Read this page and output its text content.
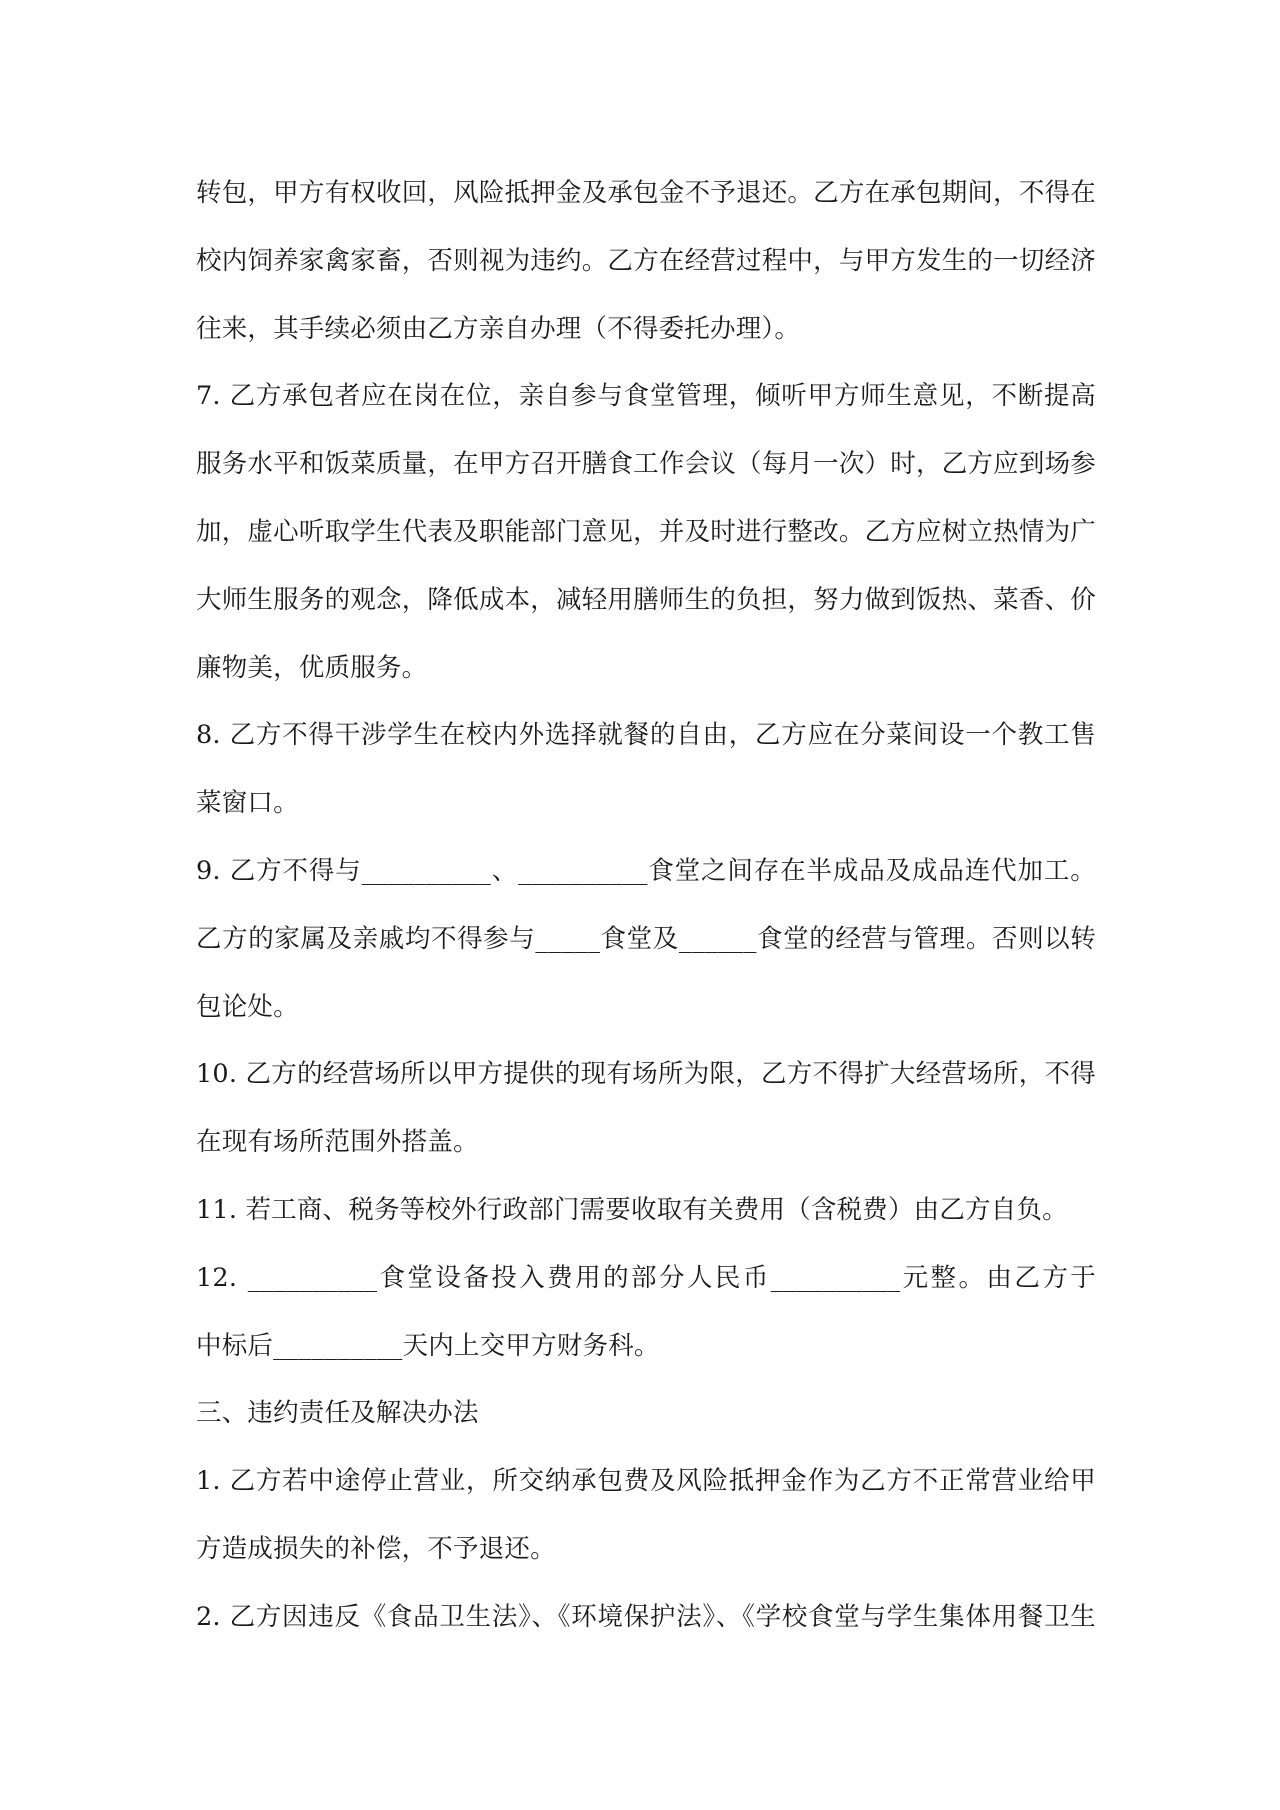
转包，甲方有权收回，风险抵押金及承包金不予退还。乙方在承包期间，不得在
校内饲养家禽家畜，否则视为违约。乙方在经营过程中，与甲方发生的一切经济
往来，其手续必须由乙方亲自办理（不得委托办理）。
7. 乙方承包者应在岗在位，亲自参与食堂管理，倾听甲方师生意见，不断提高
服务水平和饭菜质量，在甲方召开膳食工作会议（每月一次）时，乙方应到场参
加，虚心听取学生代表及职能部门意见，并及时进行整改。乙方应树立热情为广
大师生服务的观念，降低成本，减轻用膳师生的负担，努力做到饭热、菜香、价
廉物美，优质服务。
8. 乙方不得干涉学生在校内外选择就餐的自由，乙方应在分菜间设一个教工售
菜窗口。
9. 乙方不得与__________、__________食堂之间存在半成品及成品连代加工。
乙方的家属及亲戚均不得参与_____食堂及______食堂的经营与管理。否则以转
包论处。
10. 乙方的经营场所以甲方提供的现有场所为限，乙方不得扩大经营场所，不得
在现有场所范围外搭盖。
11. 若工商、税务等校外行政部门需要收取有关费用（含税费）由乙方自负。
12. __________食堂设备投入费用的部分人民币__________元整。由乙方于
中标后__________天内上交甲方财务科。
三、违约责任及解决办法
1. 乙方若中途停止营业，所交纳承包费及风险抵押金作为乙方不正常营业给甲
方造成损失的补偿，不予退还。
2. 乙方因违反《食品卫生法》、《环境保护法》、《学校食堂与学生集体用餐卫生
